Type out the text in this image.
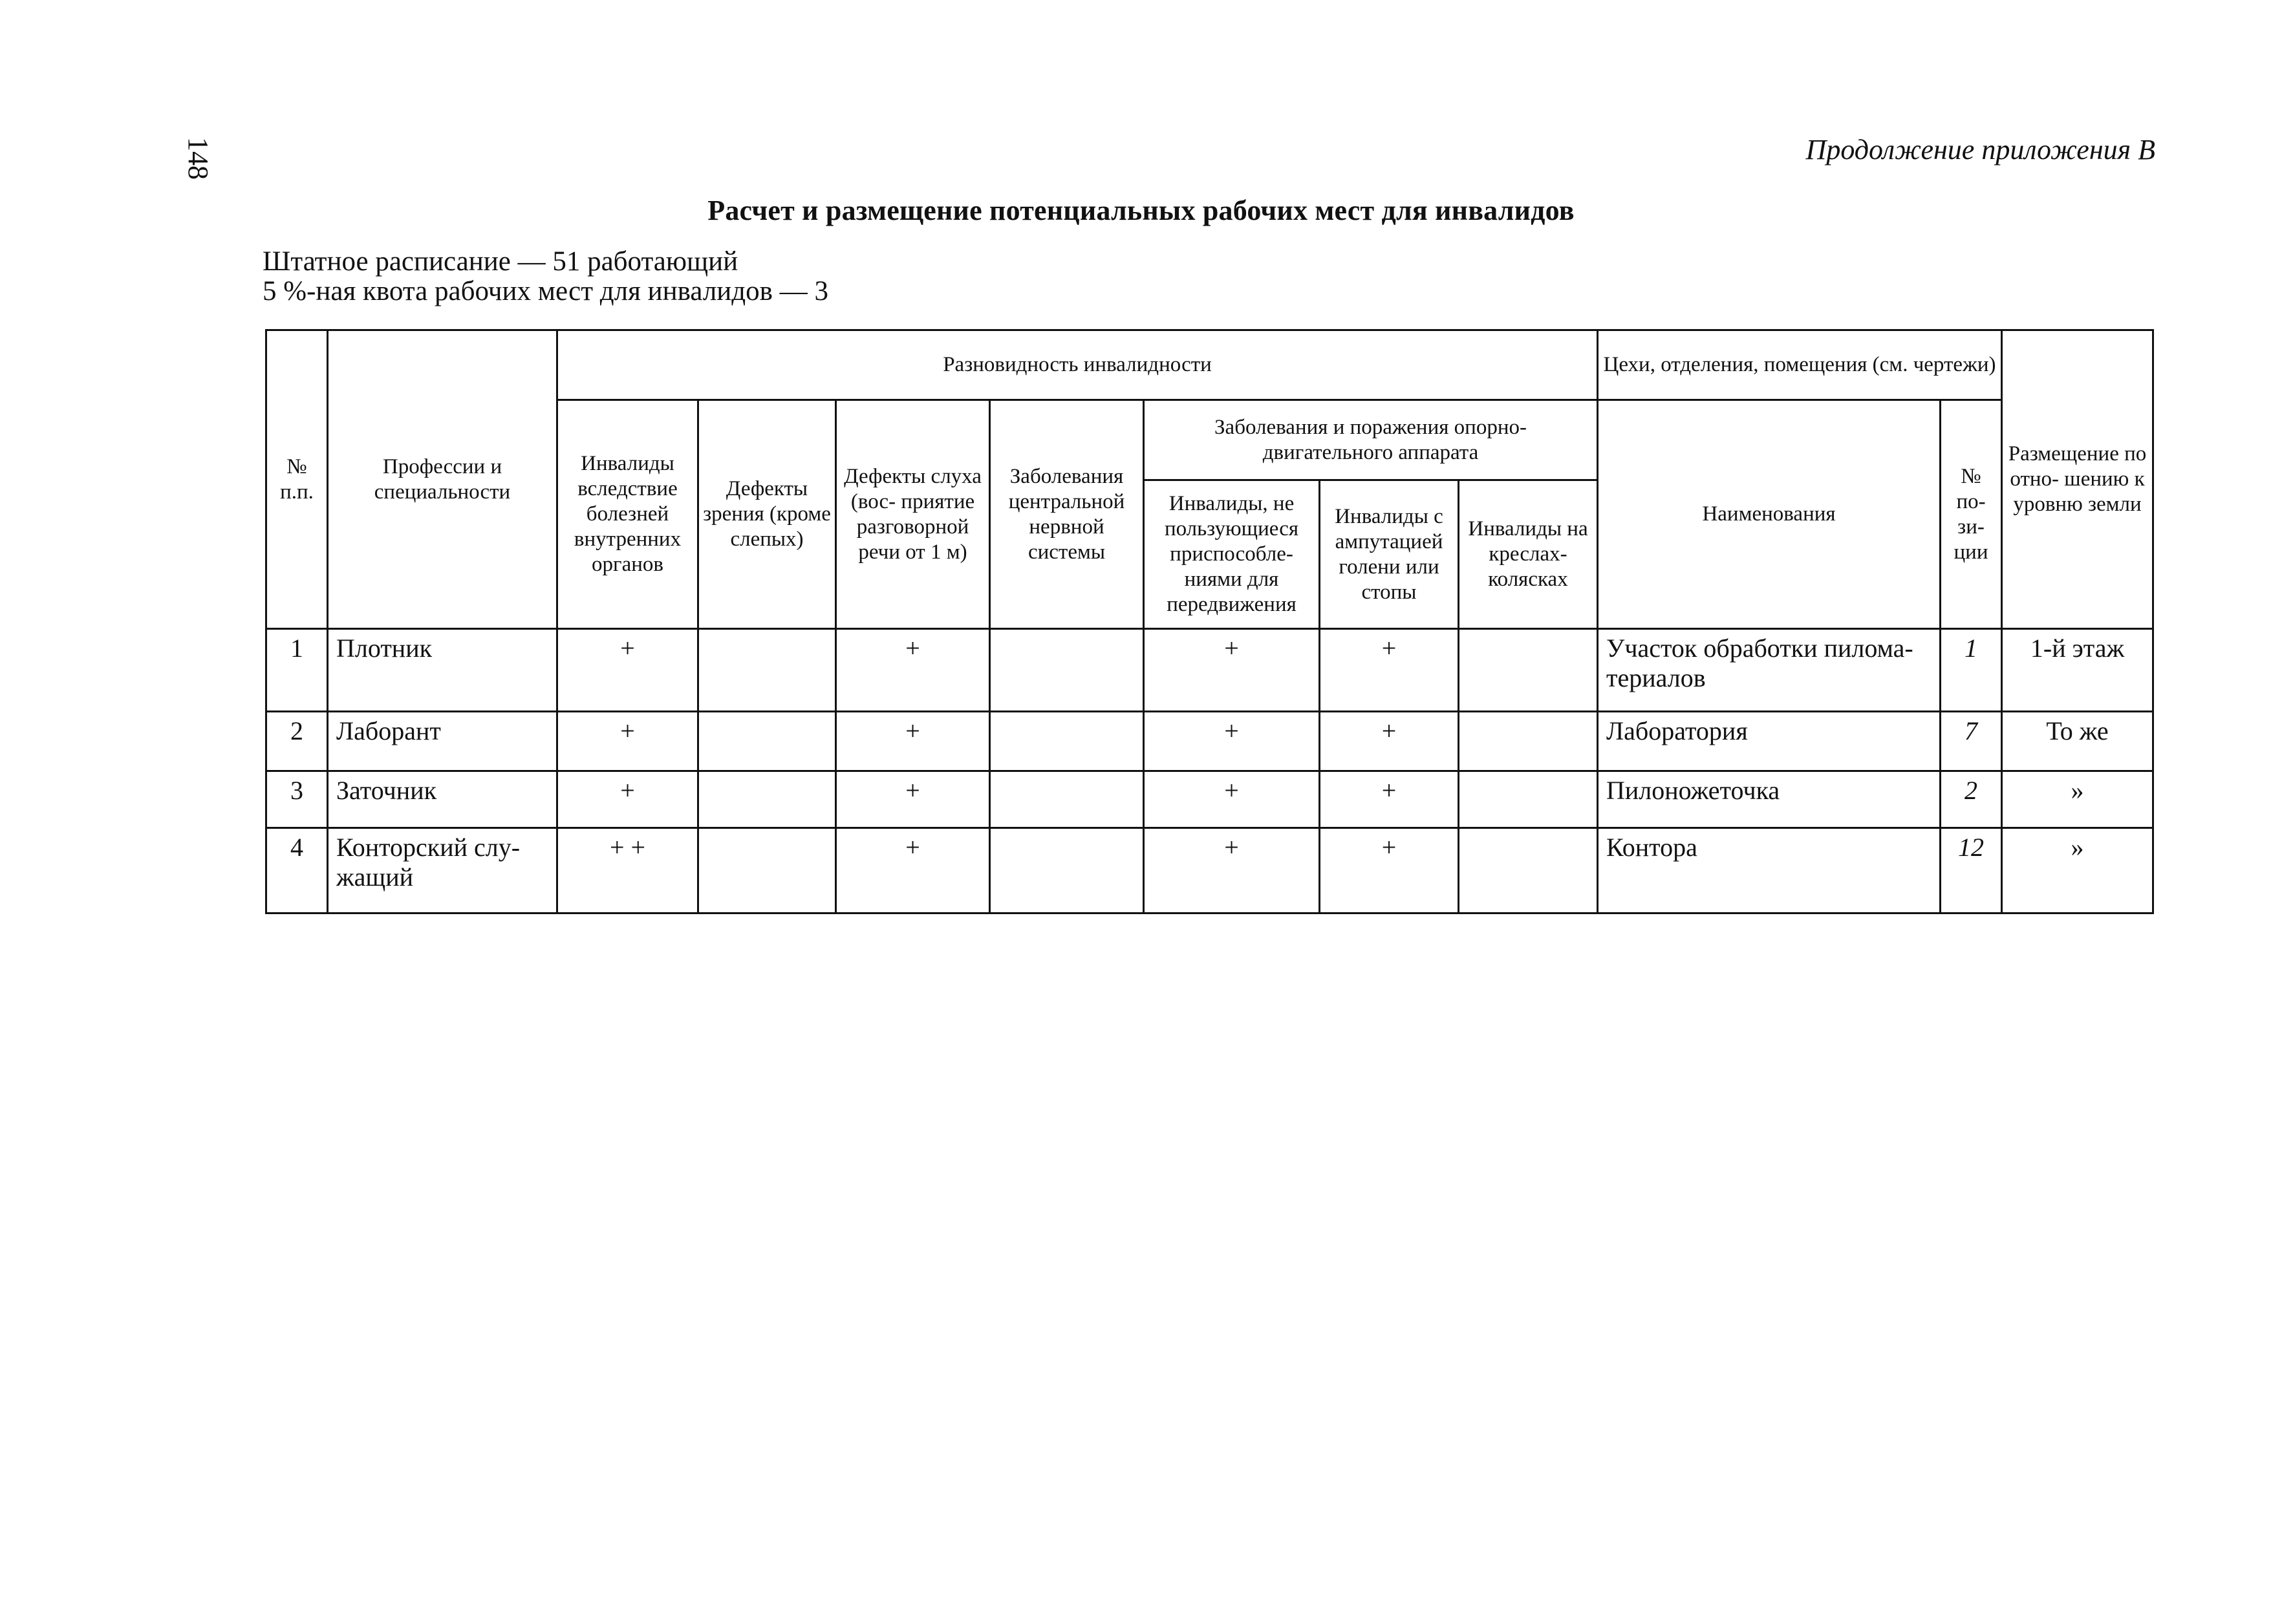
148	Продолжение приложения В
Расчет и размещение потенциальных рабочих мест для инвалидов
Штатное расписание — 51 работающий
5 %-ная квота рабочих мест для инвалидов — 3
№ п.п.	Профессии и специальности	Разновидность инвалидности							Цехи, отделения, помещения (см. чертежи)		Размещение по отно- шению к уровню земли
		Инвалиды вследствие болезней внутренних органов	Дефекты зрения (кроме слепых)	Дефекты слуха (вос- приятие разговорной речи от 1 м)	Заболевания центральной нервной системы	Заболевания и поражения опорно- двигательного аппарата			Наименования	№ по- зи- ции	
						Инвалиды, не пользующиеся приспособле- ниями для передвижения	Инвалиды с ампутацией голени или стопы	Инвалиды на креслах- колясках			
1	Плотник	+		+		+	+		Участок обработки пилома- териалов	1	1-й этаж
2	Лаборант	+		+		+	+		Лаборатория	7	То же
3	Заточник	+		+		+	+		Пилоножеточка	2	»
4	Конторский слу- жащий	+ +		+		+	+		Контора	12	»
